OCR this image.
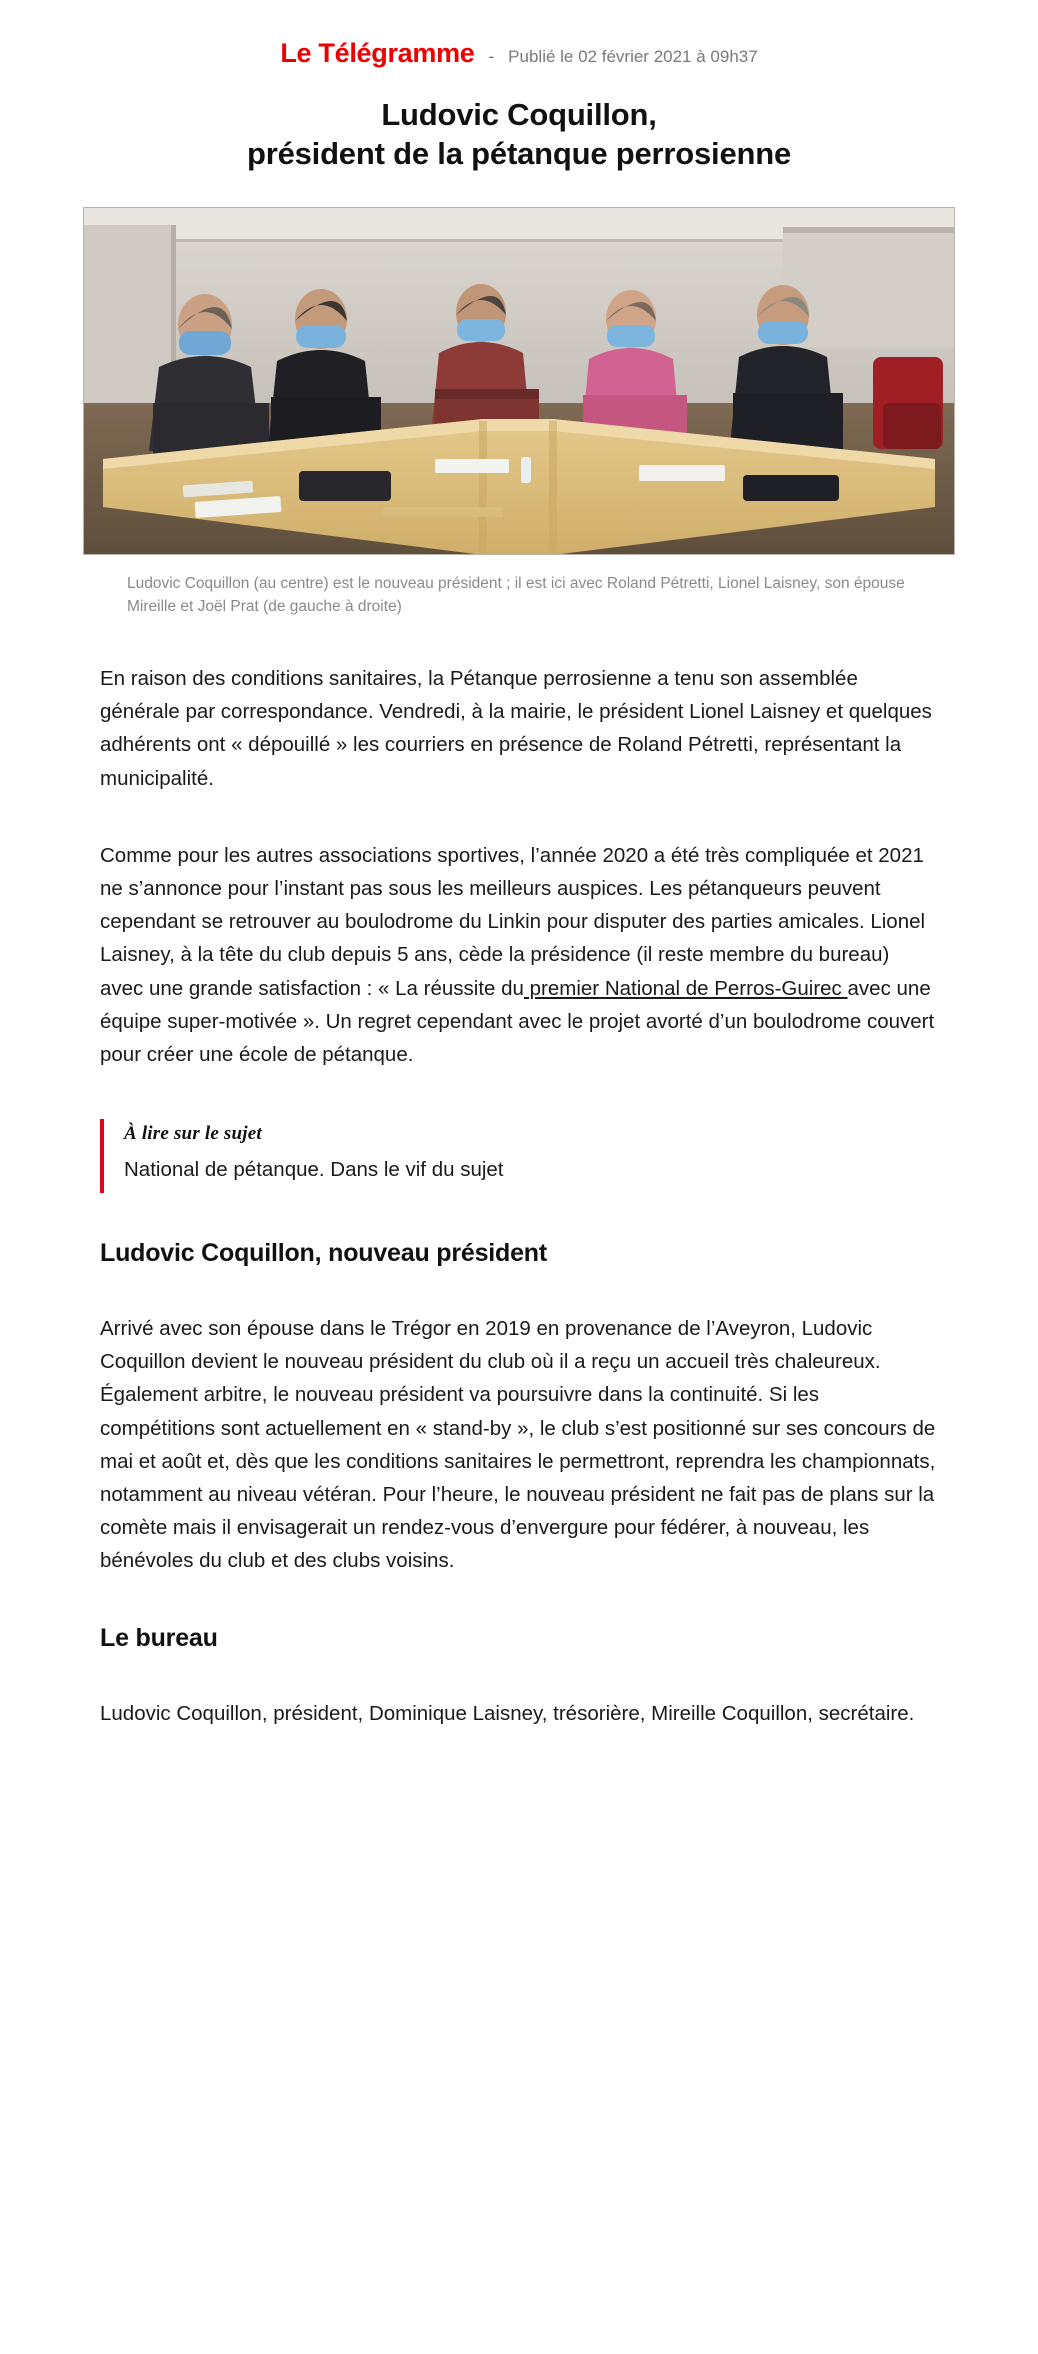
Le Télégramme - Publié le 02 février 2021 à 09h37
Ludovic Coquillon,
président de la pétanque perrosienne
Ludovic Coquillon (au centre) est le nouveau président ; il est ici avec Roland Pétretti, Lionel Laisney, son épouse Mireille et Joël Prat (de gauche à droite)

En raison des conditions sanitaires, la Pétanque perrosienne a tenu son assemblée générale par correspondance. Vendredi, à la mairie, le président Lionel Laisney et quelques adhérents ont « dépouillé » les courriers en présence de Roland Pétretti, représentant la municipalité.

Comme pour les autres associations sportives, l’année 2020 a été très compliquée et 2021 ne s’annonce pour l’instant pas sous les meilleurs auspices. Les pétanqueurs peuvent cependant se retrouver au boulodrome du Linkin pour disputer des parties amicales. Lionel Laisney, à la tête du club depuis 5 ans, cède la présidence (il reste membre du bureau) avec une grande satisfaction : « La réussite du premier National de Perros-Guirec avec une équipe super-motivée ». Un regret cependant avec le projet avorté d’un boulodrome couvert pour créer une école de pétanque.

À lire sur le sujet

National de pétanque. Dans le vif du sujet

Ludovic Coquillon, nouveau président

Arrivé avec son épouse dans le Trégor en 2019 en provenance de l’Aveyron, Ludovic Coquillon devient le nouveau président du club où il a reçu un accueil très chaleureux. Également arbitre, le nouveau président va poursuivre dans la continuité. Si les compétitions sont actuellement en « stand-by », le club s’est positionné sur ses concours de mai et août et, dès que les conditions sanitaires le permettront, reprendra les championnats, notamment au niveau vétéran. Pour l’heure, le nouveau président ne fait pas de plans sur la comète mais il envisagerait un rendez-vous d’envergure pour fédérer, à nouveau, les bénévoles du club et des clubs voisins.

Le bureau

Ludovic Coquillon, président, Dominique Laisney, trésorière, Mireille Coquillon, secrétaire.
